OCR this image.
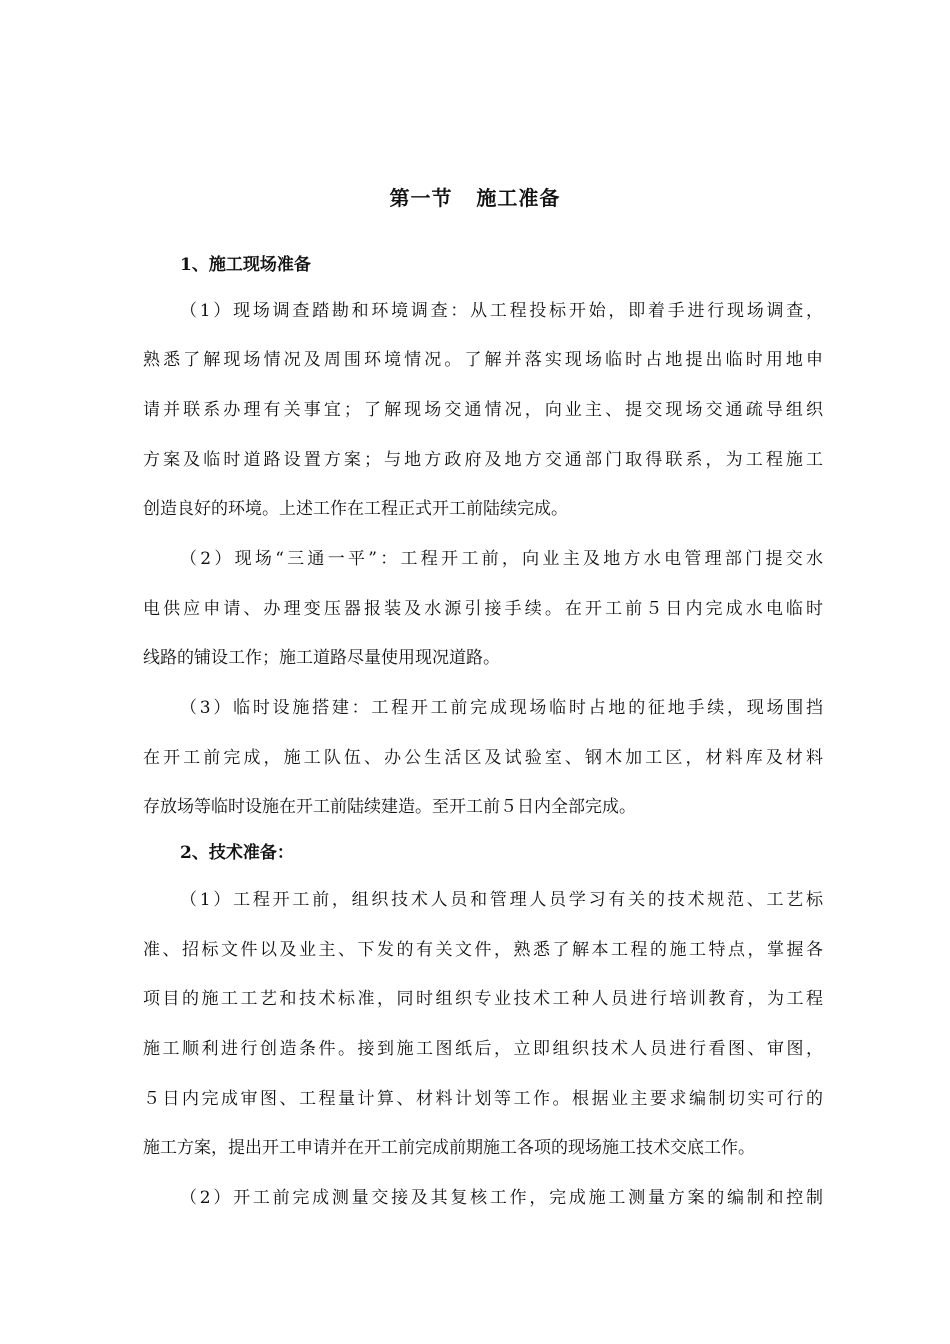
第一节   施工准备
1、施工现场准备
（1）现场调查踏勘和环境调查：从工程投标开始，即着手进行现场调查，
熟悉了解现场情况及周围环境情况。了解并落实现场临时占地提出临时用地申
请并联系办理有关事宜；了解现场交通情况，向业主、提交现场交通疏导组织
方案及临时道路设置方案；与地方政府及地方交通部门取得联系，为工程施工
创造良好的环境。上述工作在工程正式开工前陆续完成。
（2）现场“三通一平”：工程开工前，向业主及地方水电管理部门提交水
电供应申请、办理变压器报装及水源引接手续。在开工前５日内完成水电临时
线路的铺设工作；施工道路尽量使用现况道路。
（3）临时设施搭建：工程开工前完成现场临时占地的征地手续，现场围挡
在开工前完成，施工队伍、办公生活区及试验室、钢木加工区，材料库及材料
存放场等临时设施在开工前陆续建造。至开工前５日内全部完成。
2、技术准备：
（1）工程开工前，组织技术人员和管理人员学习有关的技术规范、工艺标
准、招标文件以及业主、下发的有关文件，熟悉了解本工程的施工特点，掌握各
项目的施工工艺和技术标准，同时组织专业技术工种人员进行培训教育，为工程
施工顺利进行创造条件。接到施工图纸后，立即组织技术人员进行看图、审图，
５日内完成审图、工程量计算、材料计划等工作。根据业主要求编制切实可行的
施工方案，提出开工申请并在开工前完成前期施工各项的现场施工技术交底工作。
（2）开工前完成测量交接及其复核工作，完成施工测量方案的编制和控制
